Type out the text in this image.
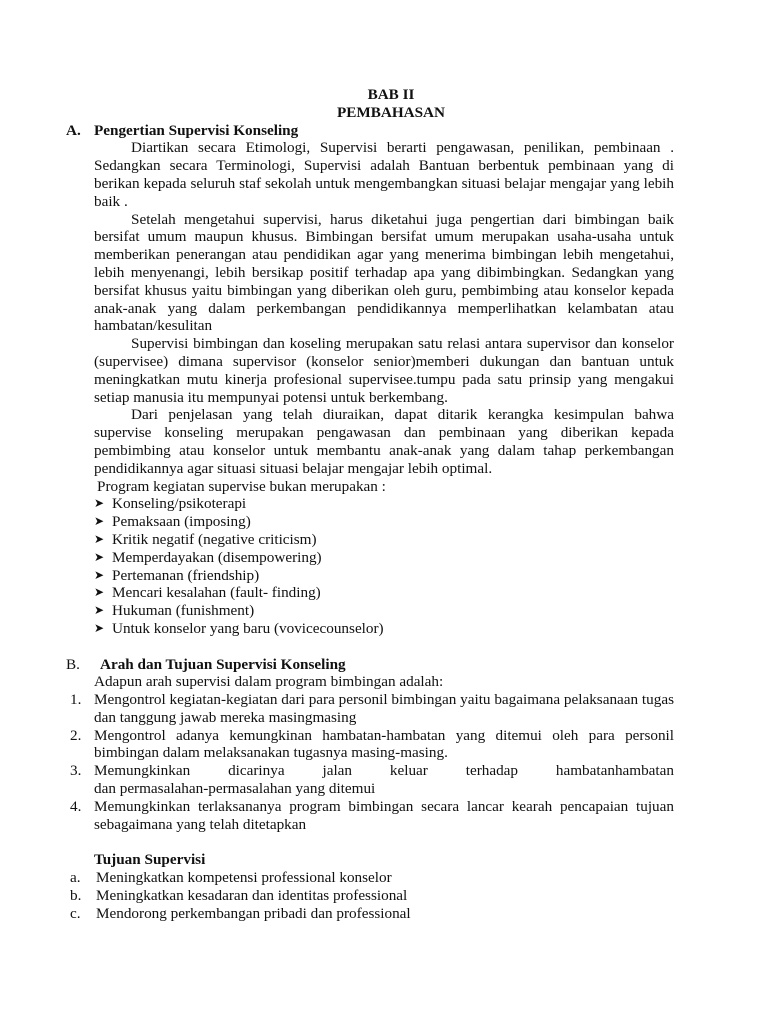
BAB II
PEMBAHASAN
A. Pengertian Supervisi Konseling
Diartikan secara Etimologi, Supervisi berarti pengawasan, penilikan, pembinaan . Sedangkan secara Terminologi, Supervisi adalah Bantuan berbentuk pembinaan yang di berikan kepada seluruh staf sekolah untuk mengembangkan situasi belajar mengajar yang lebih baik .
Setelah mengetahui supervisi, harus diketahui juga pengertian dari bimbingan baik bersifat umum maupun khusus. Bimbingan bersifat umum merupakan usaha-usaha untuk memberikan penerangan atau pendidikan agar yang menerima bimbingan lebih mengetahui, lebih menyenangi, lebih bersikap positif terhadap apa yang dibimbingkan. Sedangkan yang bersifat khusus yaitu bimbingan yang diberikan oleh guru, pembimbing atau konselor kepada anak-anak yang dalam perkembangan pendidikannya memperlihatkan kelambatan atau hambatan/kesulitan
Supervisi bimbingan dan koseling merupakan satu relasi antara supervisor dan konselor (supervisee) dimana supervisor (konselor senior)memberi dukungan dan bantuan untuk meningkatkan mutu kinerja profesional supervisee.tumpu pada satu prinsip yang mengakui setiap manusia itu mempunyai potensi untuk berkembang.
Dari penjelasan yang telah diuraikan, dapat ditarik kerangka kesimpulan bahwa supervise konseling merupakan pengawasan dan pembinaan yang diberikan kepada pembimbing atau konselor untuk membantu anak-anak yang dalam tahap perkembangan pendidikannya agar situasi situasi belajar mengajar lebih optimal.
Program kegiatan supervise bukan merupakan :
➤ Konseling/psikoterapi
➤ Pemaksaan (imposing)
➤ Kritik negatif (negative criticism)
➤ Memperdayakan (disempowering)
➤ Pertemanan (friendship)
➤ Mencari kesalahan (fault- finding)
➤ Hukuman (funishment)
➤ Untuk konselor yang baru (vovicecounselor)
B. Arah dan Tujuan Supervisi Konseling
Adapun arah supervisi dalam program bimbingan adalah:
1. Mengontrol kegiatan-kegiatan dari para personil bimbingan yaitu bagaimana pelaksanaan tugas dan tanggung jawab mereka masingmasing
2. Mengontrol adanya kemungkinan hambatan-hambatan yang ditemui oleh para personil bimbingan dalam melaksanakan tugasnya masing-masing.
3. Memungkinkan dicarinya jalan keluar terhadap hambatanhambatan
dan permasalahan-permasalahan yang ditemui
4. Memungkinkan terlaksananya program bimbingan secara lancar kearah pencapaian tujuan sebagaimana yang telah ditetapkan
Tujuan Supervisi
a. Meningkatkan kompetensi professional konselor
b. Meningkatkan kesadaran dan identitas professional
c. Mendorong perkembangan pribadi dan professional
